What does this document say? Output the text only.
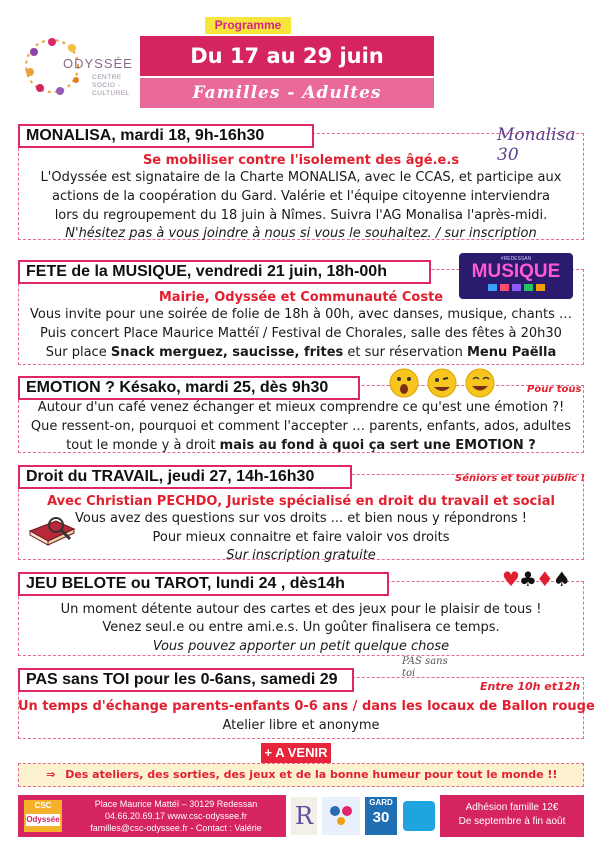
ODYSSÉE
CENTRE
SOCIO -
CULTUREL
Programme
Du 17 au 29 juin
Familles - Adultes
MONALISA, mardi 18, 9h-16h30	Monalisa 30
Se mobiliser contre l'isolement des âgé.e.s
L'Odyssée est signataire de la Charte MONALISA, avec le CCAS, et participe aux
actions de la coopération du Gard. Valérie et l'équipe citoyenne interviendra
lors du regroupement du 18 juin à Nîmes. Suivra l'AG Monalisa l'après-midi.
N'hésitez pas à vous joindre à nous si vous le souhaitez. / sur inscription
FETE de la MUSIQUE, vendredi 21 juin, 18h-00h
#REDESSAN
MUSIQUE
Mairie, Odyssée et Communauté Coste
Vous invite pour une soirée de folie de 18h à 00h, avec danses, musique, chants …
Puis concert Place Maurice Mattéï / Festival de Chorales, salle des fêtes à 20h30
Sur place Snack merguez, saucisse, frites et sur réservation Menu Paëlla
EMOTION ? Késako, mardi 25, dès 9h30	Pour tous
Autour d'un café venez échanger et mieux comprendre ce qu'est une émotion ?!
Que ressent-on, pourquoi et comment l'accepter … parents, enfants, ados, adultes
tout le monde y à droit mais au fond à quoi ça sert une EMOTION ?
Droit du TRAVAIL, jeudi 27, 14h-16h30	Séniors et tout public !
Avec Christian PECHDO, Juriste spécialisé en droit du travail et social
Vous avez des questions sur vos droits ... et bien nous y répondrons !
Pour mieux connaitre et faire valoir vos droits
Sur inscription gratuite
JEU BELOTE ou TAROT, lundi 24 , dès14h	♥♣♦♠
Un moment détente autour des cartes et des jeux pour le plaisir de tous !
Venez seul.e ou entre ami.e.s. Un goûter finalisera ce temps.
Vous pouvez apporter un petit quelque chose
PAS sans TOI pour les 0-6ans, samedi 29
PAS sans toi
Entre 10h et12h
Un temps d'échange parents-enfants 0-6 ans / dans les locaux de Ballon rouge
Atelier libre et anonyme
+ A VENIR
⇒ Des ateliers, des sorties, des jeux et de la bonne humeur pour tout le monde !!
CSC
Odyssée
Place Maurice Mattéï – 30129 Redessan
04.66.20.69.17 www.csc-odyssee.fr
familles@csc-odyssee.fr - Contact : Valérie	R	GARD
30
Adhésion famille 12€
De septembre à fin août
